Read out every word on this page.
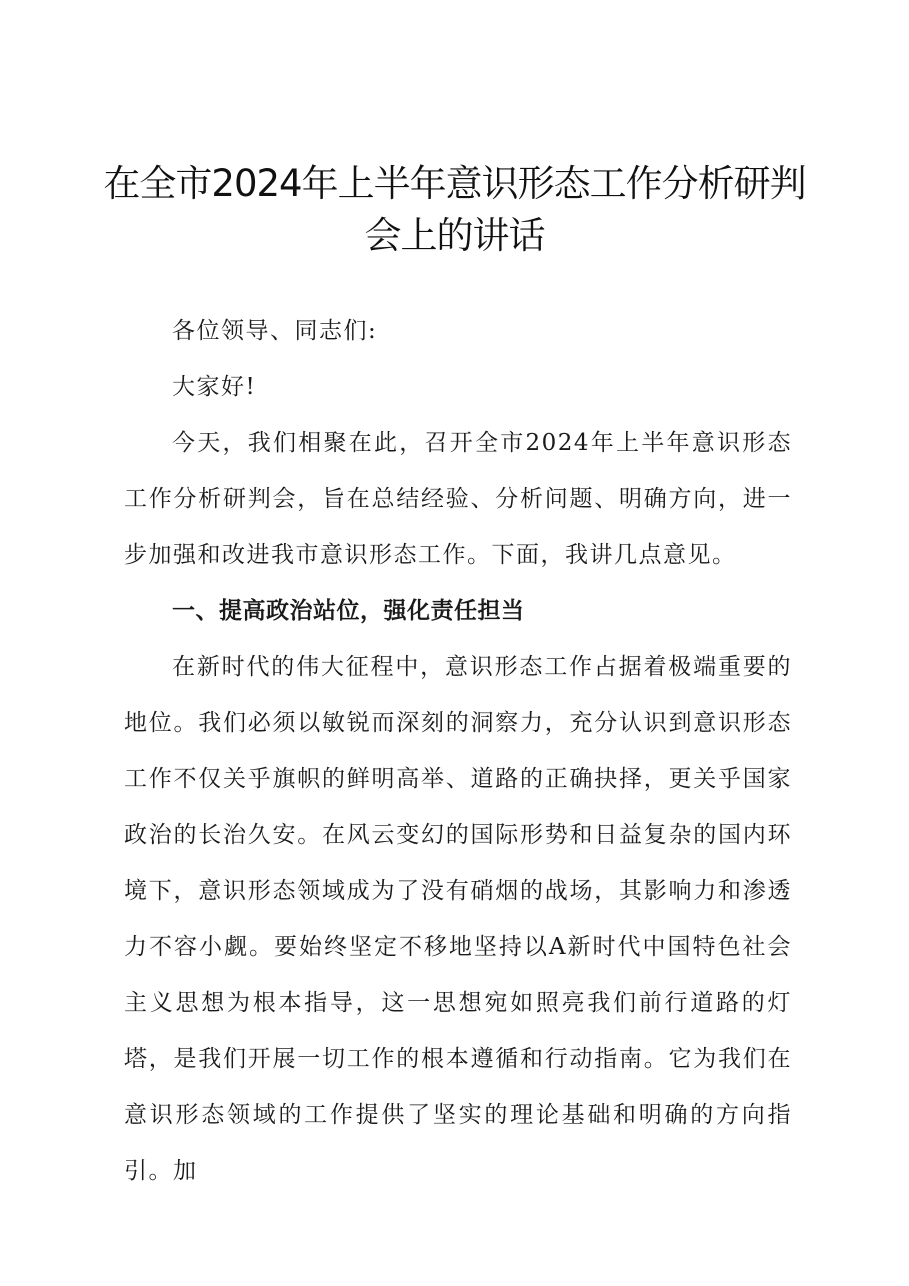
在全市2024年上半年意识形态工作分析研判
会上的讲话

各位领导、同志们:

大家好!

今天，我们相聚在此，召开全市2024年上半年意识形态工作分析研判会，旨在总结经验、分析问题、明确方向，进一步加强和改进我市意识形态工作。下面，我讲几点意见。

一、提高政治站位，强化责任担当

在新时代的伟大征程中，意识形态工作占据着极端重要的地位。我们必须以敏锐而深刻的洞察力，充分认识到意识形态工作不仅关乎旗帜的鲜明高举、道路的正确抉择，更关乎国家政治的长治久安。在风云变幻的国际形势和日益复杂的国内环境下，意识形态领域成为了没有硝烟的战场，其影响力和渗透力不容小觑。要始终坚定不移地坚持以A新时代中国特色社会主义思想为根本指导，这一思想宛如照亮我们前行道路的灯塔，是我们开展一切工作的根本遵循和行动指南。它为我们在意识形态领域的工作提供了坚实的理论基础和明确的方向指引。加
